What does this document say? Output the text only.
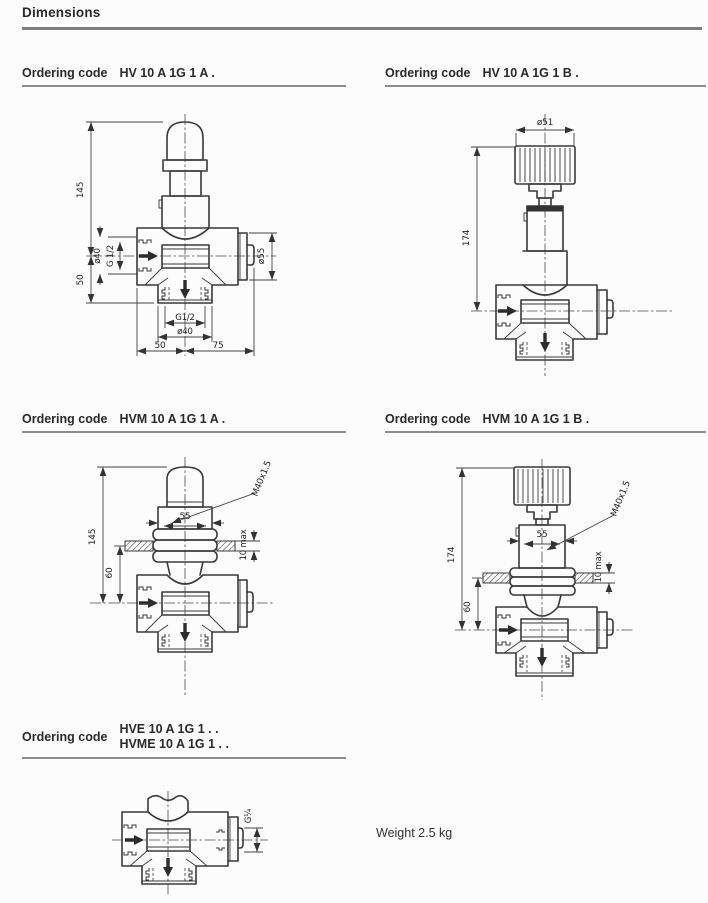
Dimensions
Ordering code HV 10 A 1G 1 A .	Ordering code HV 10 A 1G 1 B .
Ordering code HVM 10 A 1G 1 A .	Ordering code HVM 10 A 1G 1 B .
Ordering code
HVE 10 A 1G 1 . .
HVME 10 A 1G 1 . .
145
50
ø40 G 1/2	ø55
G1/2
ø40
50	75
ø51
174
55
M40x1.5
10 max
145
60
55
M40x1.5
10 max
174
60
G¼
Weight 2.5 kg
